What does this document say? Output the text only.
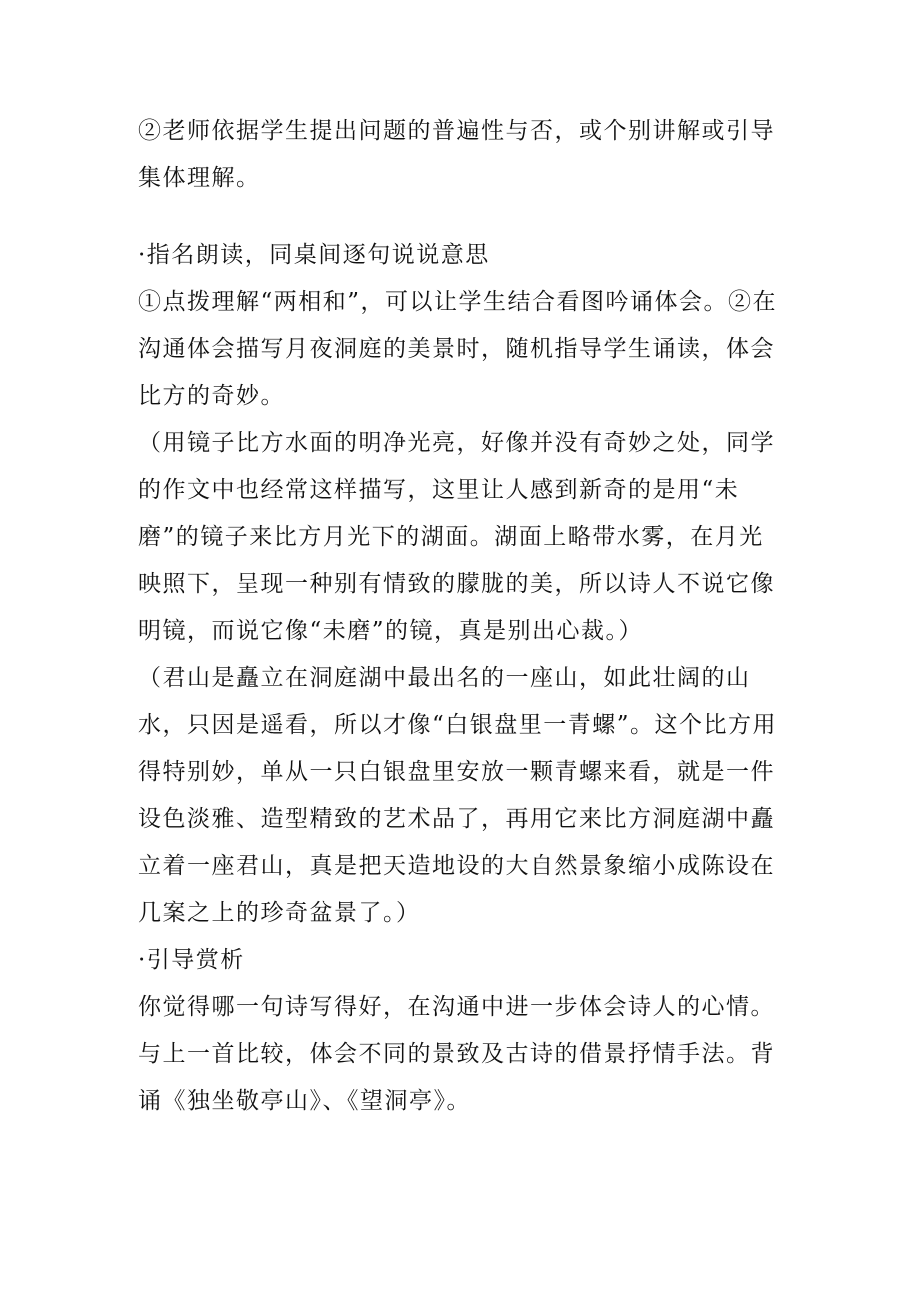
②老师依据学生提出问题的普遍性与否，或个别讲解或引导集体理解。

·指名朗读，同桌间逐句说说意思

①点拨理解“两相和”，可以让学生结合看图吟诵体会。②在沟通体会描写月夜洞庭的美景时，随机指导学生诵读，体会比方的奇妙。

（用镜子比方水面的明净光亮，好像并没有奇妙之处，同学的作文中也经常这样描写，这里让人感到新奇的是用“未磨”的镜子来比方月光下的湖面。湖面上略带水雾，在月光映照下，呈现一种别有情致的朦胧的美，所以诗人不说它像明镜，而说它像“未磨”的镜，真是别出心裁。）

（君山是矗立在洞庭湖中最出名的一座山，如此壮阔的山水，只因是遥看，所以才像“白银盘里一青螺”。这个比方用得特别妙，单从一只白银盘里安放一颗青螺来看，就是一件设色淡雅、造型精致的艺术品了，再用它来比方洞庭湖中矗立着一座君山，真是把天造地设的大自然景象缩小成陈设在几案之上的珍奇盆景了。）

·引导赏析

你觉得哪一句诗写得好，在沟通中进一步体会诗人的心情。与上一首比较，体会不同的景致及古诗的借景抒情手法。背诵《独坐敬亭山》、《望洞亭》。
